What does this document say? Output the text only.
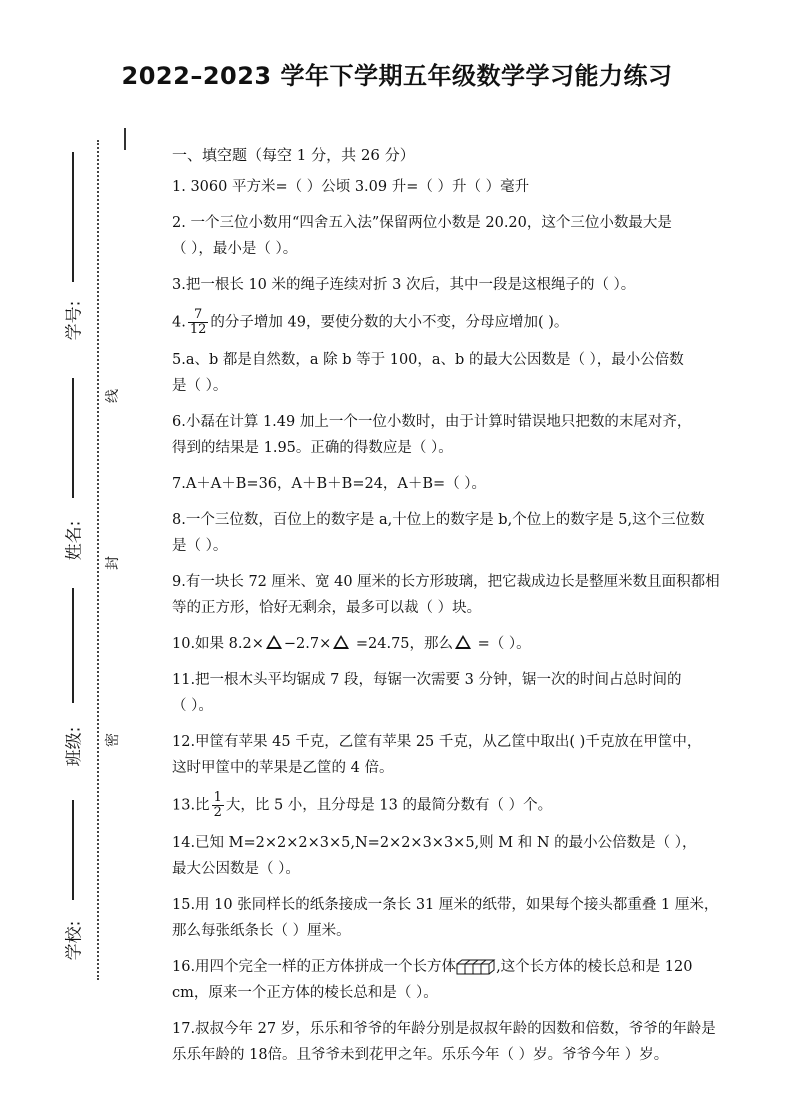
2022–2023 学年下学期五年级数学学习能力练习
学号:
姓名:
班级:
学校:
线
封
密

一、填空题（每空 1 分，共 26 分）

1. 3060 平方米=（ ）公顷 3.09 升=（ ）升（ ）毫升

2. 一个三位小数用“四舍五入法”保留两位小数是 20.20，这个三位小数最大是

（ ），最小是（ ）。

3.把一根长 10 米的绳子连续对折 3 次后，其中一段是这根绳子的（ ）。

4. $\frac{7}{12}$ 的分子增加 49，要使分数的大小不变，分母应增加( )。

5.a、b 都是自然数，a 除 b 等于 100，a、b 的最大公因数是（ ），最小公倍数

是（ ）。

6.小磊在计算 1.49 加上一个一位小数时，由于计算时错误地只把数的末尾对齐，

得到的结果是 1.95。正确的得数应是（ ）。

7.A＋A＋B=36，A＋B＋B=24，A＋B=（ ）。

8.一个三位数，百位上的数字是 a,十位上的数字是 b,个位上的数字是 5,这个三位数

是（ ）。

9.有一块长 72 厘米、宽 40 厘米的长方形玻璃，把它裁成边长是整厘米数且面积都相

等的正方形，恰好无剩余，最多可以裁（ ）块。

10.如果 8.2× −2.7× =24.75，那么 =（ ）。

11.把一根木头平均锯成 7 段，每锯一次需要 3 分钟，锯一次的时间占总时间的

（ ）。

12.甲筐有苹果 45 千克，乙筐有苹果 25 千克，从乙筐中取出( )千克放在甲筐中，

这时甲筐中的苹果是乙筐的 4 倍。

13.比 $\frac{1}{2}$ 大，比 5 小，且分母是 13 的最简分数有（ ）个。

14.已知 M=2×2×2×3×5,N=2×2×3×3×5,则 M 和 N 的最小公倍数是（ ），

最大公因数是（ ）。

15.用 10 张同样长的纸条接成一条长 31 厘米的纸带，如果每个接头都重叠 1 厘米，

那么每张纸条长（ ）厘米。

16.用四个完全一样的正方体拼成一个长方体	,这个长方体的棱长总和是 120

cm，原来一个正方体的棱长总和是（ ）。

17.叔叔今年 27 岁，乐乐和爷爷的年龄分别是叔叔年龄的因数和倍数，爷爷的年龄是

乐乐年龄的 18倍。且爷爷未到花甲之年。乐乐今年（ ）岁。爷爷今年 ）岁。
